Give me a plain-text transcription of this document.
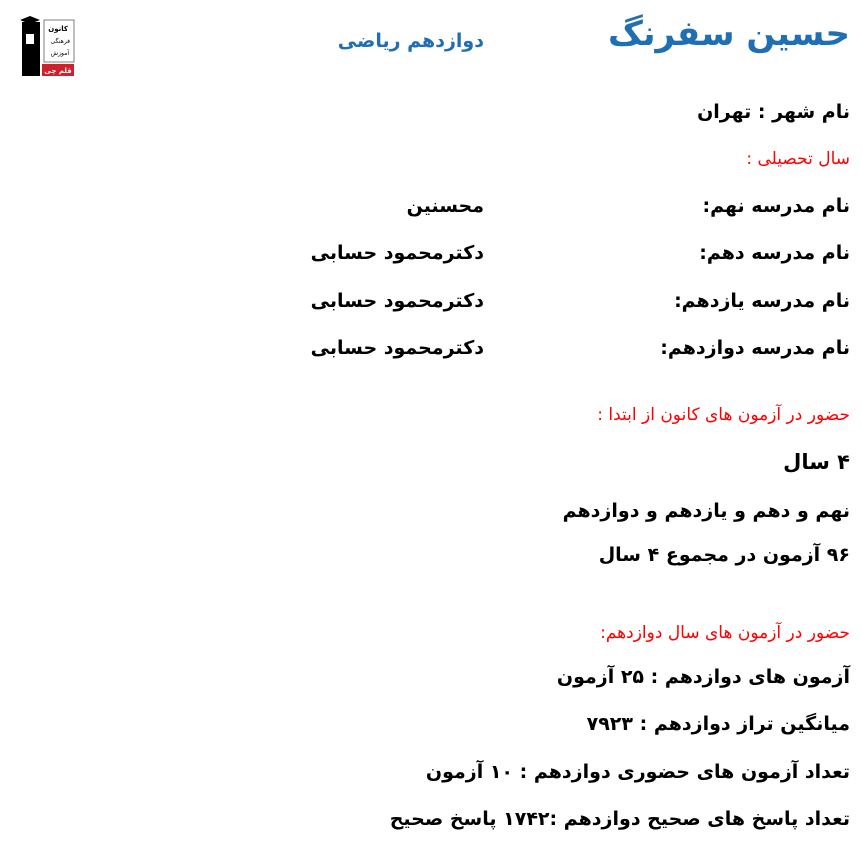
کانون
فرهنگی
آموزش
قلم چی
حسین سفرنگ
دوازدهم ریاضی
نام شهر : تهران
سال تحصیلی :
نام مدرسه نهم:
محسنین
نام مدرسه دهم:
دکترمحمود حسابی
نام مدرسه یازدهم:
دکترمحمود حسابی
نام مدرسه دوازدهم:
دکترمحمود حسابی
حضور در آزمون های کانون از ابتدا :
۴ سال
نهم و دهم و یازدهم و دوازدهم
۹۶ آزمون در مجموع ۴ سال
حضور در آزمون های سال دوازدهم:
آزمون های دوازدهم : ۲۵ آزمون
میانگین تراز دوازدهم : ۷۹۲۳
تعداد آزمون های حضوری دوازدهم : ۱۰ آزمون
تعداد پاسخ های صحیح دوازدهم :۱۷۴۲ پاسخ صحیح
